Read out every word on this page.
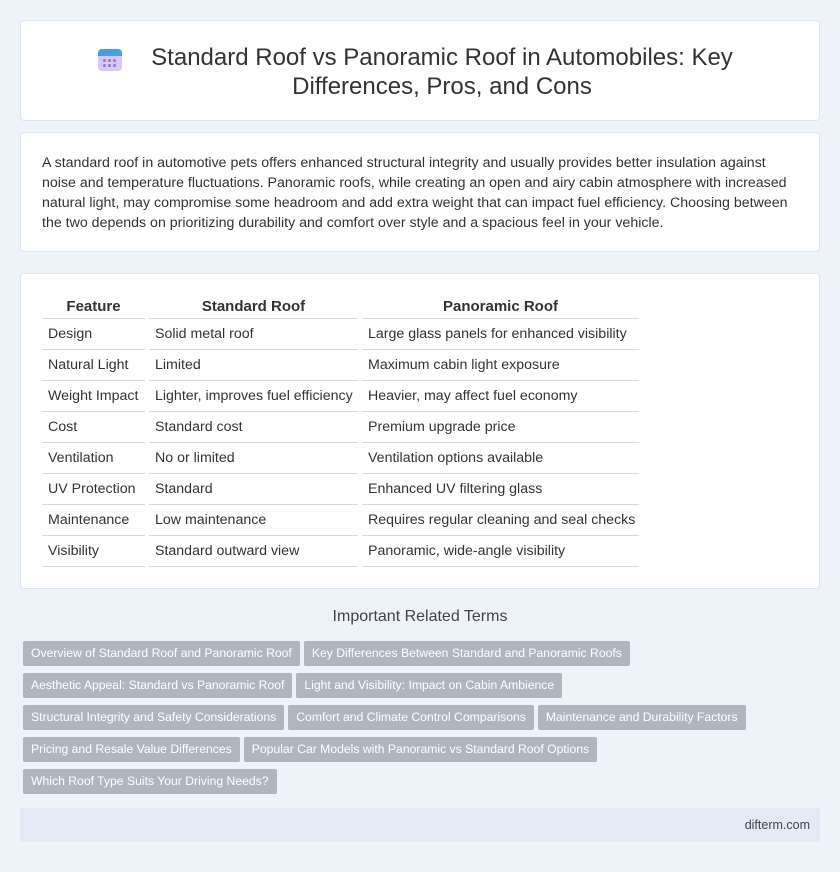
Standard Roof vs Panoramic Roof in Automobiles: Key Differences, Pros, and Cons

A standard roof in automotive pets offers enhanced structural integrity and usually provides better insulation against noise and temperature fluctuations. Panoramic roofs, while creating an open and airy cabin atmosphere with increased natural light, may compromise some headroom and add extra weight that can impact fuel efficiency. Choosing between the two depends on prioritizing durability and comfort over style and a spacious feel in your vehicle.

Feature	Standard Roof	Panoramic Roof
Design	Solid metal roof	Large glass panels for enhanced visibility
Natural Light	Limited	Maximum cabin light exposure
Weight Impact	Lighter, improves fuel efficiency	Heavier, may affect fuel economy
Cost	Standard cost	Premium upgrade price
Ventilation	No or limited	Ventilation options available
UV Protection	Standard	Enhanced UV filtering glass
Maintenance	Low maintenance	Requires regular cleaning and seal checks
Visibility	Standard outward view	Panoramic, wide-angle visibility
Important Related Terms
Overview of Standard Roof and Panoramic Roof Key Differences Between Standard and Panoramic Roofs
Aesthetic Appeal: Standard vs Panoramic Roof Light and Visibility: Impact on Cabin Ambience
Structural Integrity and Safety Considerations Comfort and Climate Control Comparisons Maintenance and Durability Factors
Pricing and Resale Value Differences Popular Car Models with Panoramic vs Standard Roof Options
Which Roof Type Suits Your Driving Needs?
difterm.com
